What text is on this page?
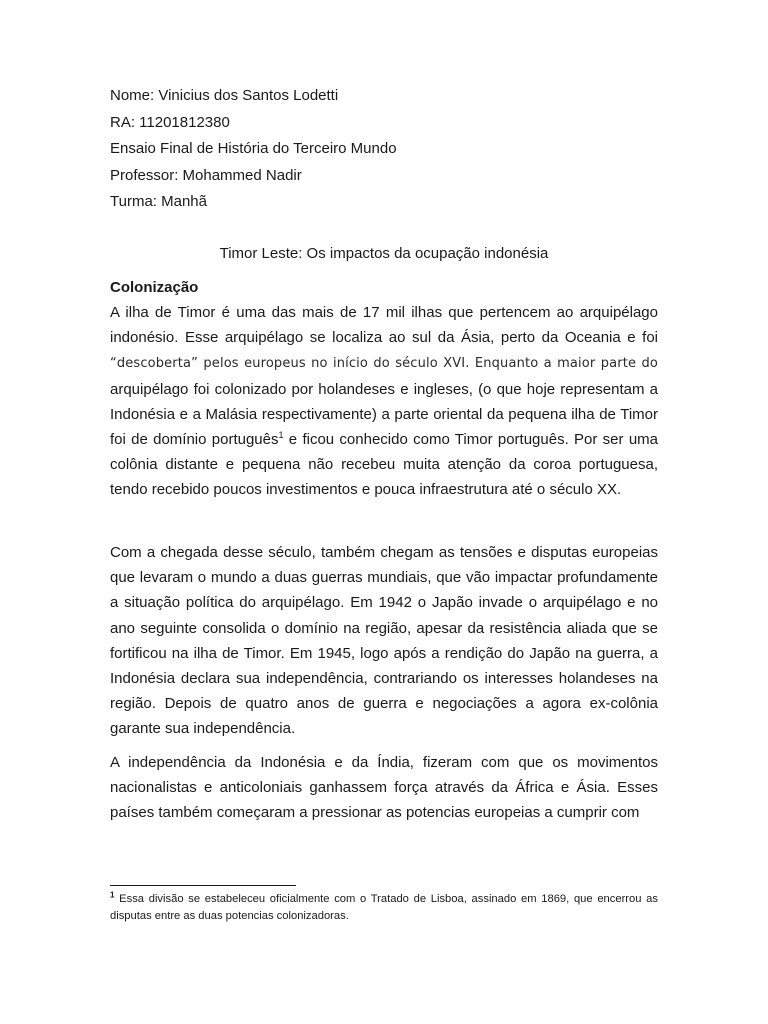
Nome: Vinicius dos Santos Lodetti
RA: 11201812380
Ensaio Final de História do Terceiro Mundo
Professor: Mohammed Nadir
Turma: Manhã
Timor Leste: Os impactos da ocupação indonésia
Colonização

A ilha de Timor é uma das mais de 17 mil ilhas que pertencem ao arquipélago indonésio. Esse arquipélago se localiza ao sul da Ásia, perto da Oceania e foi “descoberta” pelos europeus no início do século XVI. Enquanto a maior parte do arquipélago foi colonizado por holandeses e ingleses, (o que hoje representam a Indonésia e a Malásia respectivamente) a parte oriental da pequena ilha de Timor foi de domínio português$^1$ e ficou conhecido como Timor português. Por ser uma colônia distante e pequena não recebeu muita atenção da coroa portuguesa, tendo recebido poucos investimentos e pouca infraestrutura até o século XX.

Com a chegada desse século, também chegam as tensões e disputas europeias que levaram o mundo a duas guerras mundiais, que vão impactar profundamente a situação política do arquipélago. Em 1942 o Japão invade o arquipélago e no ano seguinte consolida o domínio na região, apesar da resistência aliada que se fortificou na ilha de Timor. Em 1945, logo após a rendição do Japão na guerra, a Indonésia declara sua independência, contrariando os interesses holandeses na região. Depois de quatro anos de guerra e negociações a agora ex-colônia garante sua independência.

A independência da Indonésia e da Índia, fizeram com que os movimentos nacionalistas e anticoloniais ganhassem força através da África e Ásia. Esses países também começaram a pressionar as potencias europeias a cumprir com

$^1$ Essa divisão se estabeleceu oficialmente com o Tratado de Lisboa, assinado em 1869, que encerrou as disputas entre as duas potencias colonizadoras.
